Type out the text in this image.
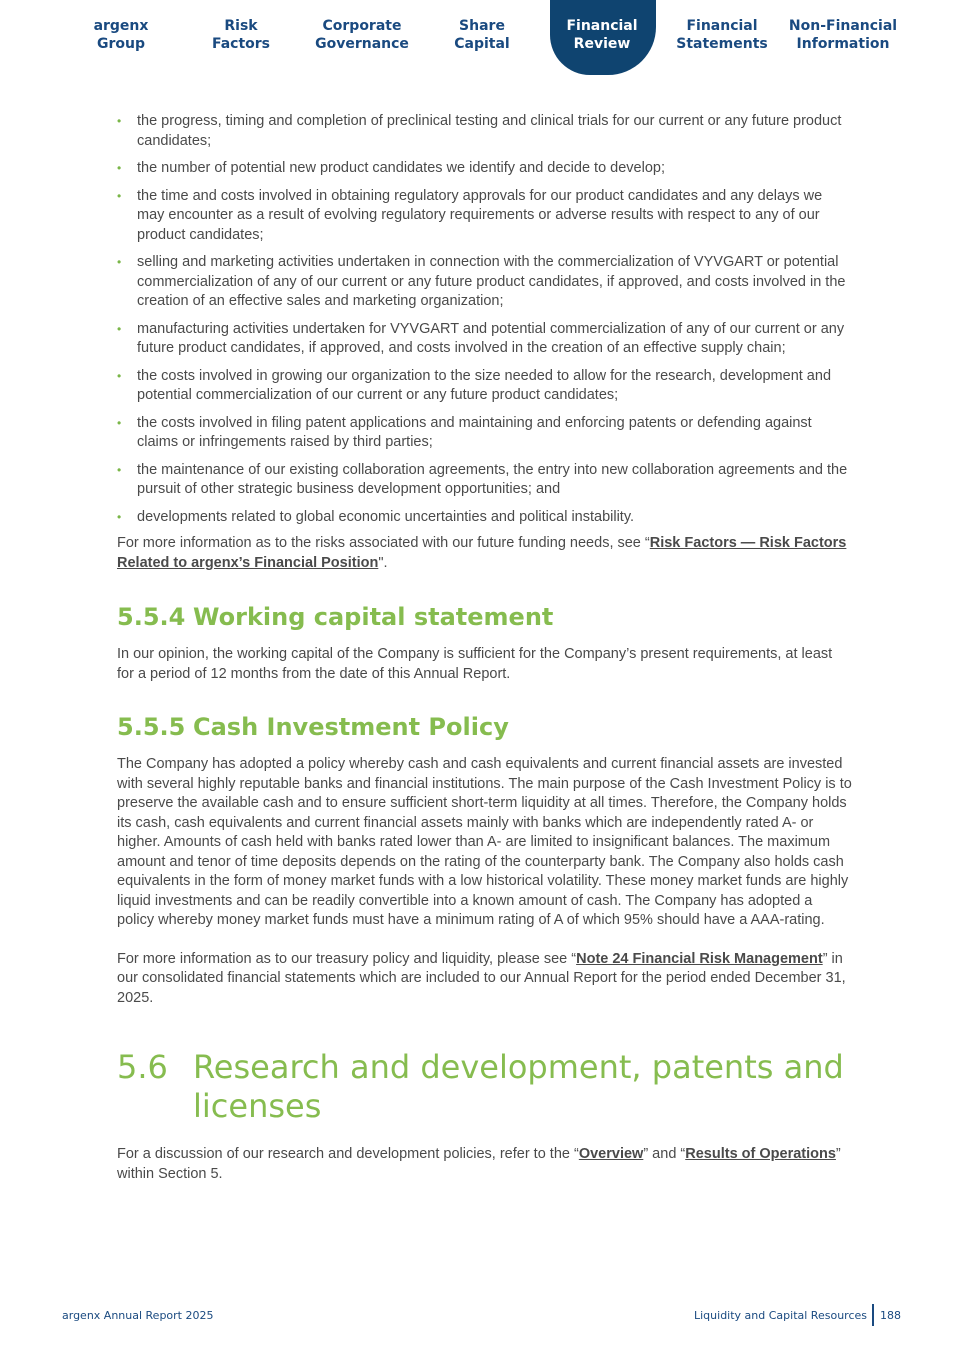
argenx
Group
Risk
Factors
Corporate
Governance
Share
Capital
Financial
Review
Financial
Statements
Non-Financial
Information
• the progress, timing and completion of preclinical testing and clinical trials for our current or any future product candidates;
• the number of potential new product candidates we identify and decide to develop;
• the time and costs involved in obtaining regulatory approvals for our product candidates and any delays we may encounter as a result of evolving regulatory requirements or adverse results with respect to any of our product candidates;
• selling and marketing activities undertaken in connection with the commercialization of VYVGART or potential commercialization of any of our current or any future product candidates, if approved, and costs involved in the creation of an effective sales and marketing organization;
• manufacturing activities undertaken for VYVGART and potential commercialization of any of our current or any future product candidates, if approved, and costs involved in the creation of an effective supply chain;
• the costs involved in growing our organization to the size needed to allow for the research, development and potential commercialization of our current or any future product candidates;
• the costs involved in filing patent applications and maintaining and enforcing patents or defending against claims or infringements raised by third parties;
• the maintenance of our existing collaboration agreements, the entry into new collaboration agreements and the pursuit of other strategic business development opportunities; and
• developments related to global economic uncertainties and political instability.

For more information as to the risks associated with our future funding needs, see “Risk Factors — Risk Factors Related to argenx’s Financial Position".

5.5.4 Working capital statement

In our opinion, the working capital of the Company is sufficient for the Company’s present requirements, at least for a period of 12 months from the date of this Annual Report.

5.5.5 Cash Investment Policy

The Company has adopted a policy whereby cash and cash equivalents and current financial assets are invested with several highly reputable banks and financial institutions. The main purpose of the Cash Investment Policy is to preserve the available cash and to ensure sufficient short-term liquidity at all times. Therefore, the Company holds its cash, cash equivalents and current financial assets mainly with banks which are independently rated A- or higher. Amounts of cash held with banks rated lower than A- are limited to insignificant balances. The maximum amount and tenor of time deposits depends on the rating of the counterparty bank. The Company also holds cash equivalents in the form of money market funds with a low historical volatility. These money market funds are highly liquid investments and can be readily convertible into a known amount of cash. The Company has adopted a policy whereby money market funds must have a minimum rating of A of which 95% should have a AAA-rating.

For more information as to our treasury policy and liquidity, please see “Note 24 Financial Risk Management” in our consolidated financial statements which are included to our Annual Report for the period ended December 31, 2025.

5.6 Research and development, patents and licenses

For a discussion of our research and development policies, refer to the “Overview” and “Results of Operations” within Section 5.

argenx Annual Report 2025	Liquidity and Capital Resources 188
